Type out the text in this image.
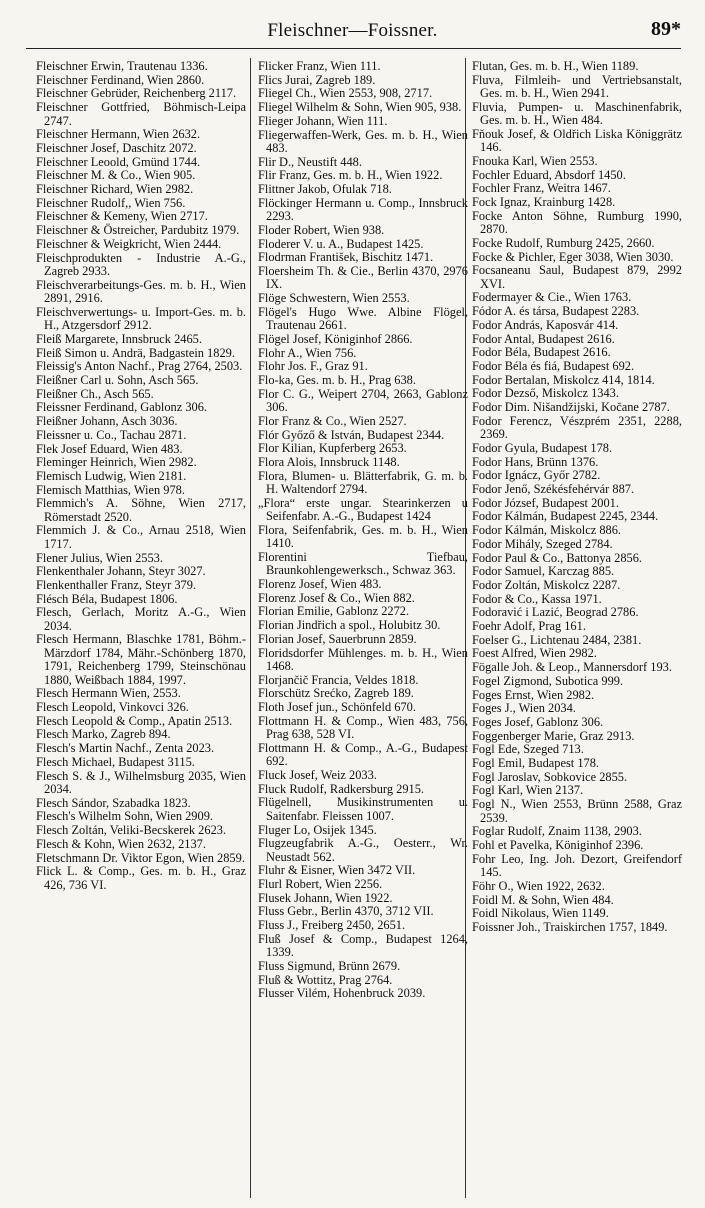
Fleischner—Foissner.	89*
Fleischner Erwin, Trautenau 1336.
Fleischner Ferdinand, Wien 2860.
Fleischner Gebrüder, Reichenberg 2117.
Fleischner Gottfried, Böhmisch-Leipa 2747.
Fleischner Hermann, Wien 2632.
Fleischner Josef, Daschitz 2072.
Fleischner Leoold, Gmünd 1744.
Fleischner M. & Co., Wien 905.
Fleischner Richard, Wien 2982.
Fleischner Rudolf,, Wien 756.
Fleischner & Kemeny, Wien 2717.
Fleischner & Östreicher, Pardubitz 1979.
Fleischner & Weigkricht, Wien 2444.
Fleischprodukten - Industrie A.-G., Zagreb 2933.
Fleischverarbeitungs-Ges. m. b. H., Wien 2891, 2916.
Fleischverwertungs- u. Import-Ges. m. b. H., Atzgersdorf 2912.
Fleiß Margarete, Innsbruck 2465.
Fleiß Simon u. Andrä, Badgastein 1829.
Fleissig's Anton Nachf., Prag 2764, 2503.
Fleißner Carl u. Sohn, Asch 565.
Fleißner Ch., Asch 565.
Fleissner Ferdinand, Gablonz 306.
Fleißner Johann, Asch 3036.
Fleissner u. Co., Tachau 2871.
Flek Josef Eduard, Wien 483.
Fleminger Heinrich, Wien 2982.
Flemisch Ludwig, Wien 2181.
Flemisch Matthias, Wien 978.
Flemmich's A. Söhne, Wien 2717, Römerstadt 2520.
Flemmich J. & Co., Arnau 2518, Wien 1717.
Flener Julius, Wien 2553.
Flenkenthaler Johann, Steyr 3027.
Flenkenthaller Franz, Steyr 379.
Flésch Béla, Budapest 1806.
Flesch, Gerlach, Moritz A.-G., Wien 2034.
Flesch Hermann, Blaschke 1781, Böhm.-Märzdorf 1784, Mähr.-Schönberg 1870, 1791, Reichenberg 1799, Steinschönau 1880, Weißbach 1884, 1997.
Flesch Hermann Wien, 2553.
Flesch Leopold, Vinkovci 326.
Flesch Leopold & Comp., Apatin 2513.
Flesch Marko, Zagreb 894.
Flesch's Martin Nachf., Zenta 2023.
Flesch Michael, Budapest 3115.
Flesch S. & J., Wilhelmsburg 2035, Wien 2034.
Flesch Sándor, Szabadka 1823.
Flesch's Wilhelm Sohn, Wien 2909.
Flesch Zoltán, Veliki-Becskerek 2623.
Flesch & Kohn, Wien 2632, 2137.
Fletschmann Dr. Viktor Egon, Wien 2859.
Flick L. & Comp., Ges. m. b. H., Graz 426, 736 VI.
Flicker Franz, Wien 111.
Flics Jurai, Zagreb 189.
Fliegel Ch., Wien 2553, 908, 2717.
Fliegel Wilhelm & Sohn, Wien 905, 938.
Flieger Johann, Wien 111.
Fliegerwaffen-Werk, Ges. m. b. H., Wien 483.
Flir D., Neustift 448.
Flir Franz, Ges. m. b. H., Wien 1922.
Flittner Jakob, Ofulak 718.
Flöckinger Hermann u. Comp., Innsbruck 2293.
Floder Robert, Wien 938.
Floderer V. u. A., Budapest 1425.
Flodrman František, Bischitz 1471.
Floersheim Th. & Cie., Berlin 4370, 2976 IX.
Flöge Schwestern, Wien 2553.
Flögel's Hugo Wwe. Albine Flögel, Trautenau 2661.
Flögel Josef, Königinhof 2866.
Flohr A., Wien 756.
Flohr Jos. F., Graz 91.
Flo-ka, Ges. m. b. H., Prag 638.
Flor C. G., Weipert 2704, 2663, Gablonz 306.
Flor Franz & Co., Wien 2527.
Flór Győző & István, Budapest 2344.
Flor Kilian, Kupferberg 2653.
Flora Alois, Innsbruck 1148.
Flora, Blumen- u. Blätterfabrik, G. m. b. H. Waltendorf 2794.
„Flora“ erste ungar. Stearinkerzen u Seifenfabr. A.-G., Budapest 1424
Flora, Seifenfabrik, Ges. m. b. H., Wien 1410.
Florentini Tiefbau, Braunkohlengewerksch., Schwaz 363.
Florenz Josef, Wien 483.
Florenz Josef & Co., Wien 882.
Florian Emilie, Gablonz 2272.
Florian Jindřich a spol., Holubitz 30.
Florian Josef, Sauerbrunn 2859.
Floridsdorfer Mühlenges. m. b. H., Wien 1468.
Florjančič Francia, Veldes 1818.
Florschütz Srećko, Zagreb 189.
Floth Josef jun., Schönfeld 670.
Flottmann H. & Comp., Wien 483, 756, Prag 638, 528 VI.
Flottmann H. & Comp., A.-G., Budapest 692.
Fluck Josef, Weiz 2033.
Fluck Rudolf, Radkersburg 2915.
Flügelnell, Musikinstrumenten u. Saitenfabr. Fleissen 1007.
Fluger Lo, Osijek 1345.
Flugzeugfabrik A.-G., Oesterr., Wr. Neustadt 562.
Fluhr & Eisner, Wien 3472 VII.
Flurl Robert, Wien 2256.
Flusek Johann, Wien 1922.
Fluss Gebr., Berlin 4370, 3712 VII.
Fluss J., Freiberg 2450, 2651.
Fluß Josef & Comp., Budapest 1264, 1339.
Fluss Sigmund, Brünn 2679.
Fluß & Wottitz, Prag 2764.
Flusser Vilém, Hohenbruck 2039.
Flutan, Ges. m. b. H., Wien 1189.
Fluva, Filmleih- und Vertriebsanstalt, Ges. m. b. H., Wien 2941.
Fluvia, Pumpen- u. Maschinenfabrik, Ges. m. b. H., Wien 484.
Fňouk Josef, & Oldřich Liska Königgrätz 146.
Fnouka Karl, Wien 2553.
Fochler Eduard, Absdorf 1450.
Fochler Franz, Weitra 1467.
Fock Ignaz, Krainburg 1428.
Focke Anton Söhne, Rumburg 1990, 2870.
Focke Rudolf, Rumburg 2425, 2660.
Focke & Pichler, Eger 3038, Wien 3030.
Focsaneanu Saul, Budapest 879, 2992 XVI.
Fodermayer & Cie., Wien 1763.
Fódor A. és társa, Budapest 2283.
Fodor András, Kaposvár 414.
Fodor Antal, Budapest 2616.
Fodor Béla, Budapest 2616.
Fodor Béla és fiá, Budapest 692.
Fodor Bertalan, Miskolcz 414, 1814.
Fodor Dezső, Miskolcz 1343.
Fodor Dim. Nišandžijski, Kočane 2787.
Fodor Ferencz, Vészprém 2351, 2288, 2369.
Fodor Gyula, Budapest 178.
Fodor Hans, Brünn 1376.
Fodor Ignácz, Győr 2782.
Fodor Jenő, Székésfehérvár 887.
Fodor József, Budapest 2001.
Fodor Kálmán, Budapest 2245, 2344.
Fodor Kálmán, Miskolcz 886.
Fodor Mihály, Szeged 2784.
Fodor Paul & Co., Battonya 2856.
Fodor Samuel, Karczag 885.
Fodor Zoltán, Miskolcz 2287.
Fodor & Co., Kassa 1971.
Fodoravić i Lazić, Beograd 2786.
Foehr Adolf, Prag 161.
Foelser G., Lichtenau 2484, 2381.
Foest Alfred, Wien 2982.
Fögalle Joh. & Leop., Mannersdorf 193.
Fogel Zigmond, Subotica 999.
Foges Ernst, Wien 2982.
Foges J., Wien 2034.
Foges Josef, Gablonz 306.
Foggenberger Marie, Graz 2913.
Fogl Ede, Szeged 713.
Fogl Emil, Budapest 178.
Fogl Jaroslav, Sobkovice 2855.
Fogl Karl, Wien 2137.
Fogl N., Wien 2553, Brünn 2588, Graz 2539.
Foglar Rudolf, Znaim 1138, 2903.
Fohl et Pavelka, Königinhof 2396.
Fohr Leo, Ing. Joh. Dezort, Greifendorf 145.
Föhr O., Wien 1922, 2632.
Foidl M. & Sohn, Wien 484.
Foidl Nikolaus, Wien 1149.
Foissner Joh., Traiskirchen 1757, 1849.
